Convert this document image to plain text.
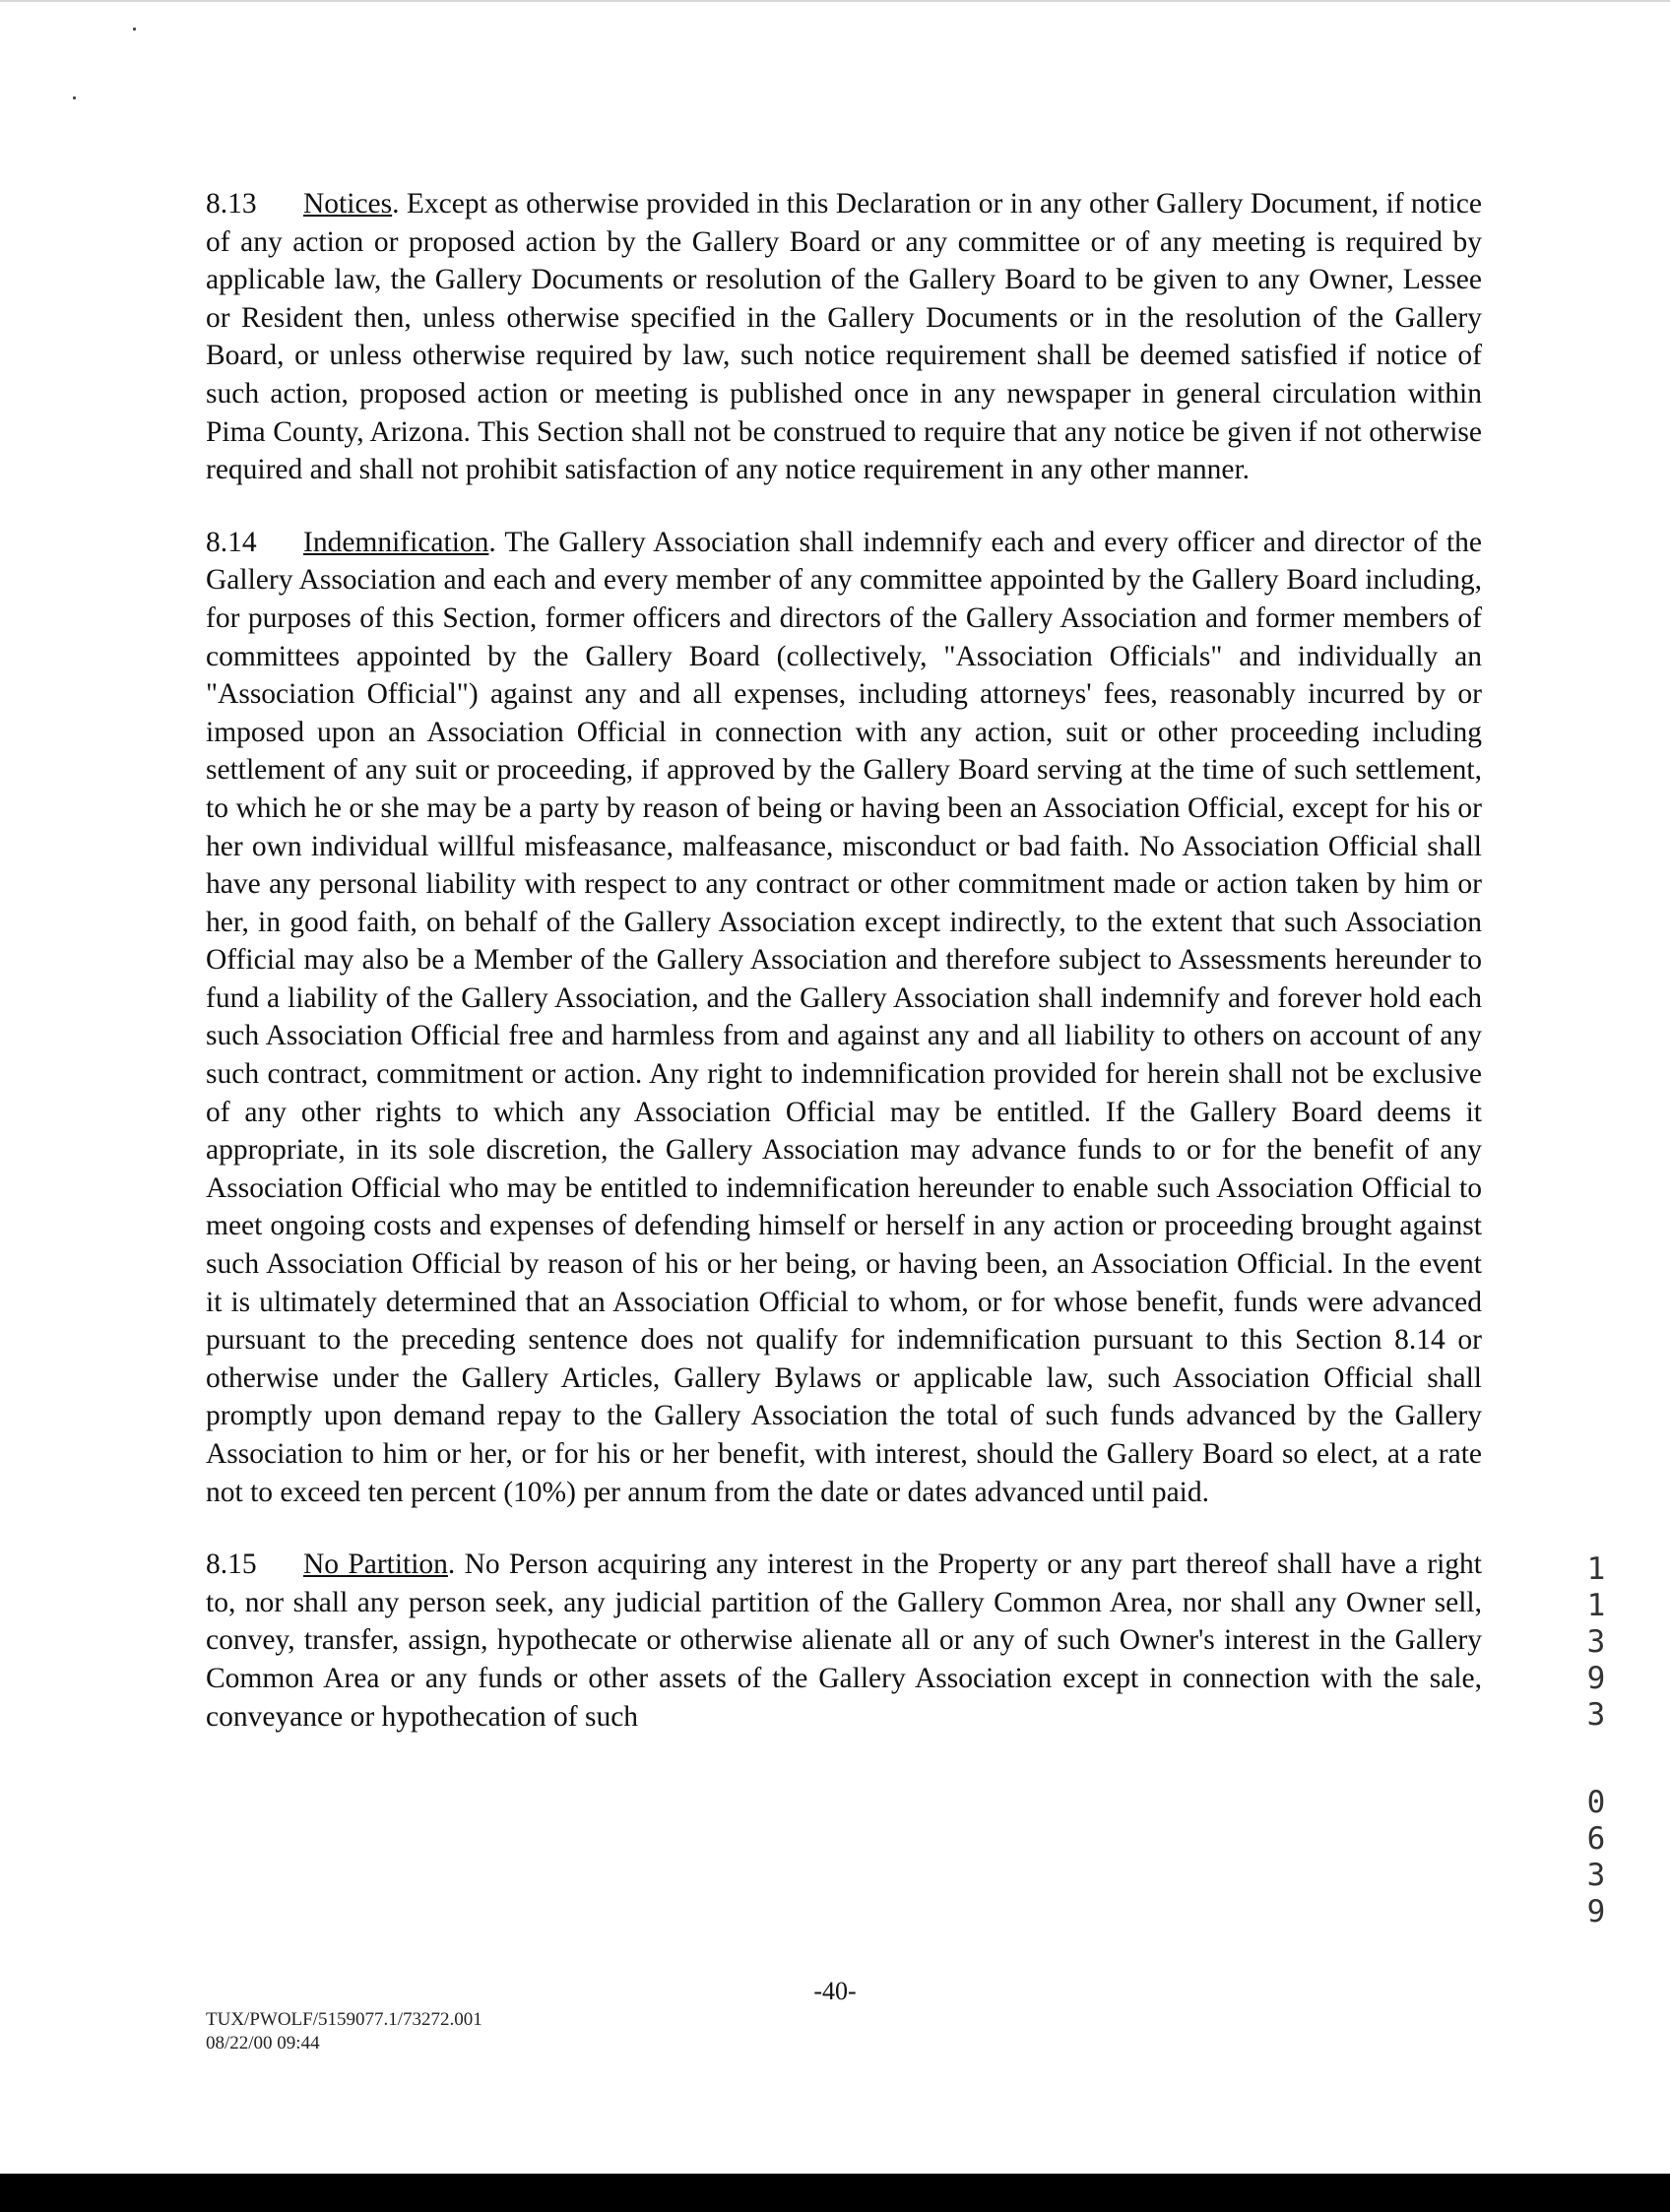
8.13 Notices. Except as otherwise provided in this Declaration or in any other Gallery Document, if notice of any action or proposed action by the Gallery Board or any committee or of any meeting is required by applicable law, the Gallery Documents or resolution of the Gallery Board to be given to any Owner, Lessee or Resident then, unless otherwise specified in the Gallery Documents or in the resolution of the Gallery Board, or unless otherwise required by law, such notice requirement shall be deemed satisfied if notice of such action, proposed action or meeting is published once in any newspaper in general circulation within Pima County, Arizona. This Section shall not be construed to require that any notice be given if not otherwise required and shall not prohibit satisfaction of any notice requirement in any other manner.

8.14 Indemnification. The Gallery Association shall indemnify each and every officer and director of the Gallery Association and each and every member of any committee appointed by the Gallery Board including, for purposes of this Section, former officers and directors of the Gallery Association and former members of committees appointed by the Gallery Board (collectively, "Association Officials" and individually an "Association Official") against any and all expenses, including attorneys' fees, reasonably incurred by or imposed upon an Association Official in connection with any action, suit or other proceeding including settlement of any suit or proceeding, if approved by the Gallery Board serving at the time of such settlement, to which he or she may be a party by reason of being or having been an Association Official, except for his or her own individual willful misfeasance, malfeasance, misconduct or bad faith. No Association Official shall have any personal liability with respect to any contract or other commitment made or action taken by him or her, in good faith, on behalf of the Gallery Association except indirectly, to the extent that such Association Official may also be a Member of the Gallery Association and therefore subject to Assessments hereunder to fund a liability of the Gallery Association, and the Gallery Association shall indemnify and forever hold each such Association Official free and harmless from and against any and all liability to others on account of any such contract, commitment or action. Any right to indemnification provided for herein shall not be exclusive of any other rights to which any Association Official may be entitled. If the Gallery Board deems it appropriate, in its sole discretion, the Gallery Association may advance funds to or for the benefit of any Association Official who may be entitled to indemnification hereunder to enable such Association Official to meet ongoing costs and expenses of defending himself or herself in any action or proceeding brought against such Association Official by reason of his or her being, or having been, an Association Official. In the event it is ultimately determined that an Association Official to whom, or for whose benefit, funds were advanced pursuant to the preceding sentence does not qualify for indemnification pursuant to this Section 8.14 or otherwise under the Gallery Articles, Gallery Bylaws or applicable law, such Association Official shall promptly upon demand repay to the Gallery Association the total of such funds advanced by the Gallery Association to him or her, or for his or her benefit, with interest, should the Gallery Board so elect, at a rate not to exceed ten percent (10%) per annum from the date or dates advanced until paid.

8.15 No Partition. No Person acquiring any interest in the Property or any part thereof shall have a right to, nor shall any person seek, any judicial partition of the Gallery Common Area, nor shall any Owner sell, convey, transfer, assign, hypothecate or otherwise alienate all or any of such Owner's interest in the Gallery Common Area or any funds or other assets of the Gallery Association except in connection with the sale, conveyance or hypothecation of such

11393
0639
-40-
TUX/PWOLF/5159077.1/73272.001
08/22/00 09:44
